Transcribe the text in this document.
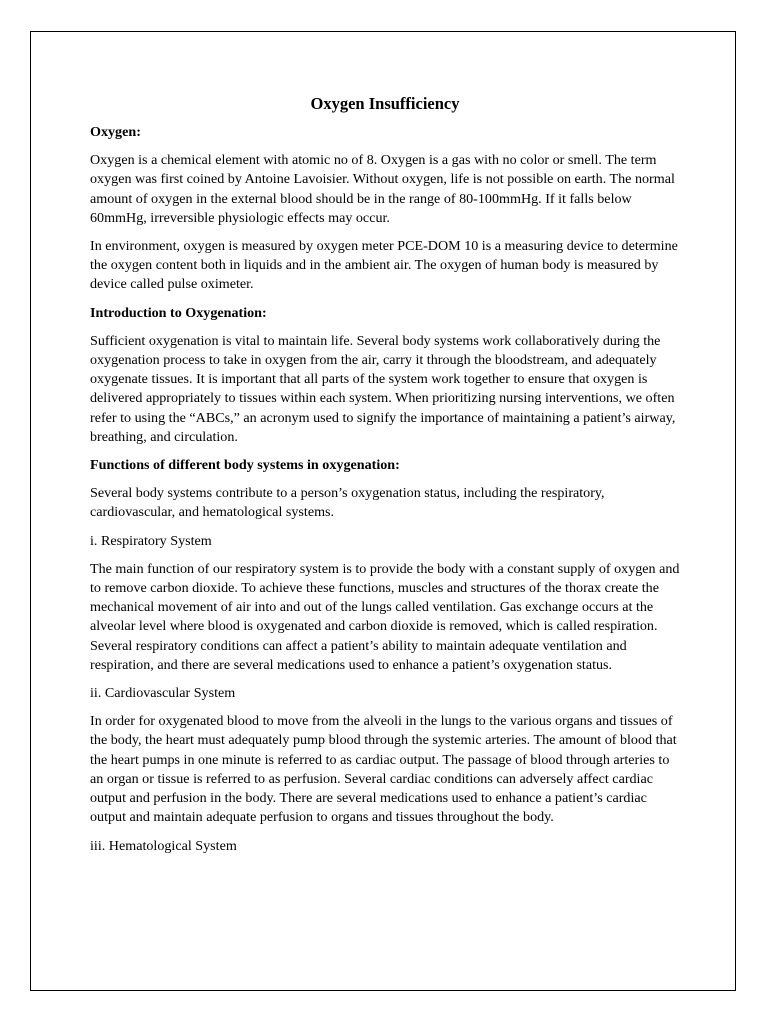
Oxygen Insufficiency
Oxygen:
Oxygen is a chemical element with atomic no of 8. Oxygen is a gas with no color or smell. The term oxygen was first coined by Antoine Lavoisier. Without oxygen, life is not possible on earth. The normal amount of oxygen in the external blood should be in the range of 80-100mmHg. If it falls below 60mmHg, irreversible physiologic effects may occur.
In environment, oxygen is measured by oxygen meter PCE-DOM 10 is a measuring device to determine the oxygen content both in liquids and in the ambient air. The oxygen of human body is measured by device called pulse oximeter.
Introduction to Oxygenation:
Sufficient oxygenation is vital to maintain life. Several body systems work collaboratively during the oxygenation process to take in oxygen from the air, carry it through the bloodstream, and adequately oxygenate tissues. It is important that all parts of the system work together to ensure that oxygen is delivered appropriately to tissues within each system. When prioritizing nursing interventions, we often refer to using the “ABCs,” an acronym used to signify the importance of maintaining a patient’s airway, breathing, and circulation.
Functions of different body systems in oxygenation:
Several body systems contribute to a person’s oxygenation status, including the respiratory, cardiovascular, and hematological systems.
i. Respiratory System
The main function of our respiratory system is to provide the body with a constant supply of oxygen and to remove carbon dioxide. To achieve these functions, muscles and structures of the thorax create the mechanical movement of air into and out of the lungs called ventilation. Gas exchange occurs at the alveolar level where blood is oxygenated and carbon dioxide is removed, which is called respiration. Several respiratory conditions can affect a patient’s ability to maintain adequate ventilation and respiration, and there are several medications used to enhance a patient’s oxygenation status.
ii. Cardiovascular System
In order for oxygenated blood to move from the alveoli in the lungs to the various organs and tissues of the body, the heart must adequately pump blood through the systemic arteries. The amount of blood that the heart pumps in one minute is referred to as cardiac output. The passage of blood through arteries to an organ or tissue is referred to as perfusion. Several cardiac conditions can adversely affect cardiac output and perfusion in the body. There are several medications used to enhance a patient’s cardiac output and maintain adequate perfusion to organs and tissues throughout the body.
iii. Hematological System
